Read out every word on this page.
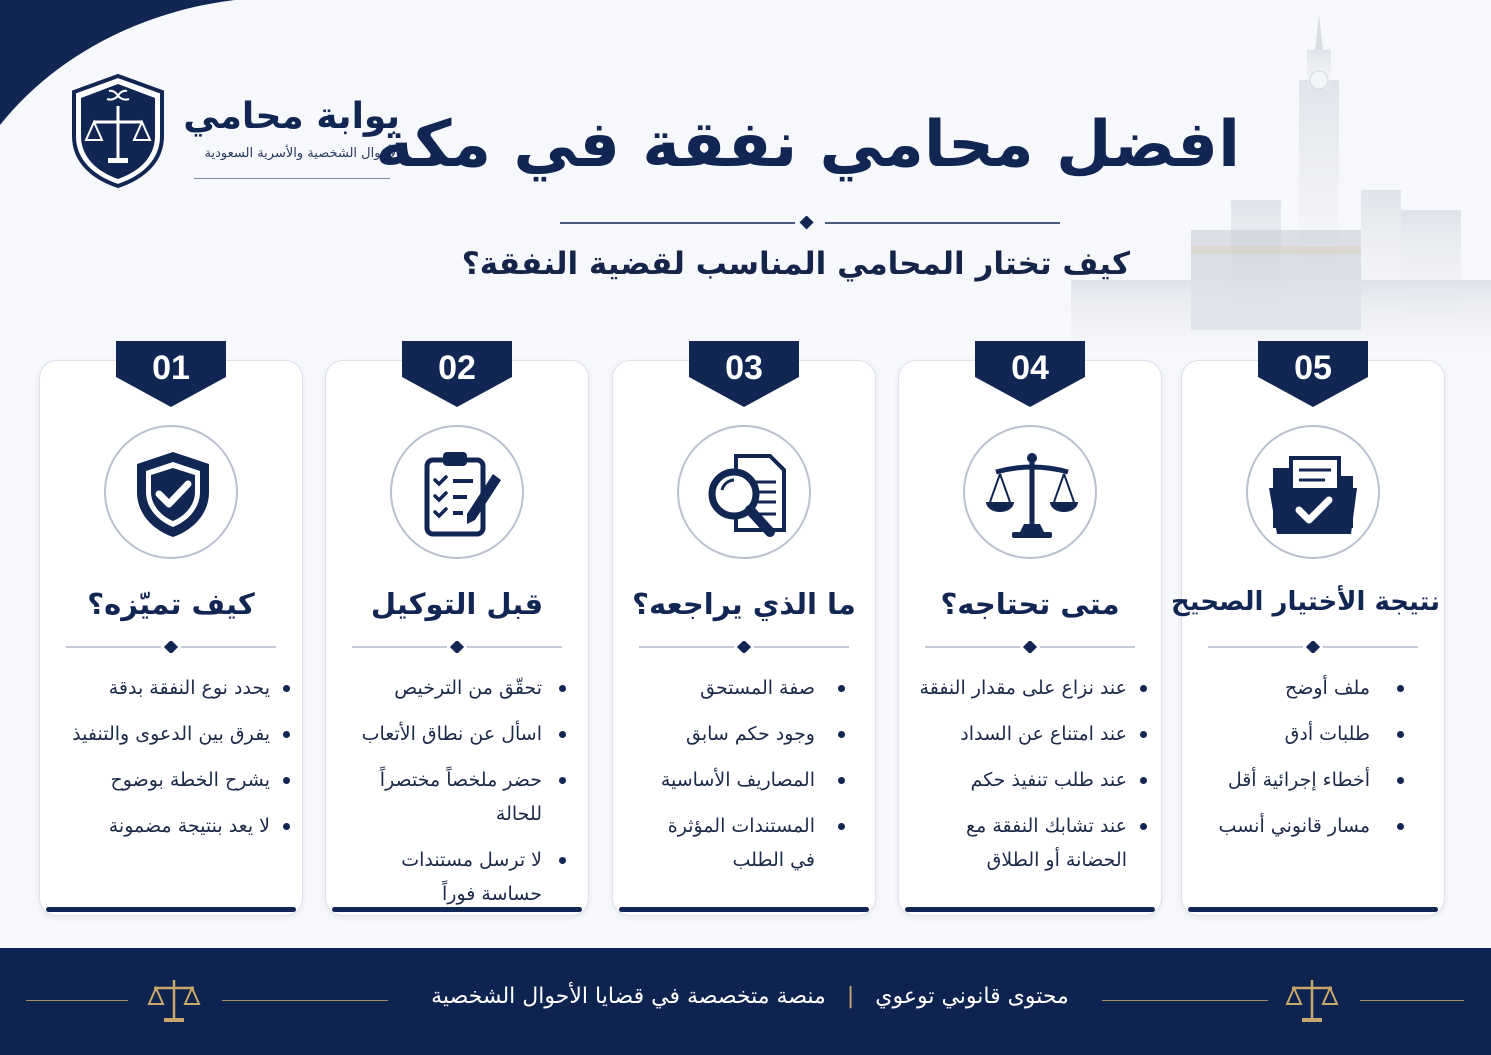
بوابة محامي
الأحوال الشخصية والأسرية السعودية
افضل محامي نفقة في مكة
كيف تختار المحامي المناسب لقضية النفقة؟
01
كيف تميّزه؟
يحدد نوع النفقة بدقة
يفرق بين الدعوى والتنفيذ
يشرح الخطة بوضوح
لا يعد بنتيجة مضمونة
02
قبل التوكيل
تحقّق من الترخيص
اسأل عن نطاق الأتعاب
حضر ملخصاً مختصراً للحالة
لا ترسل مستندات حساسة فوراً
03
ما الذي يراجعه؟
صفة المستحق
وجود حكم سابق
المصاريف الأساسية
المستندات المؤثرة في الطلب
04
متى تحتاجه؟
عند نزاع على مقدار النفقة
عند امتناع عن السداد
عند طلب تنفيذ حكم
عند تشابك النفقة مع الحضانة أو الطلاق
05
نتيجة الأختيار الصحيح
ملف أوضح
طلبات أدق
أخطاء إجرائية أقل
مسار قانوني أنسب
محتوى قانوني توعوي | منصة متخصصة في قضايا الأحوال الشخصية
